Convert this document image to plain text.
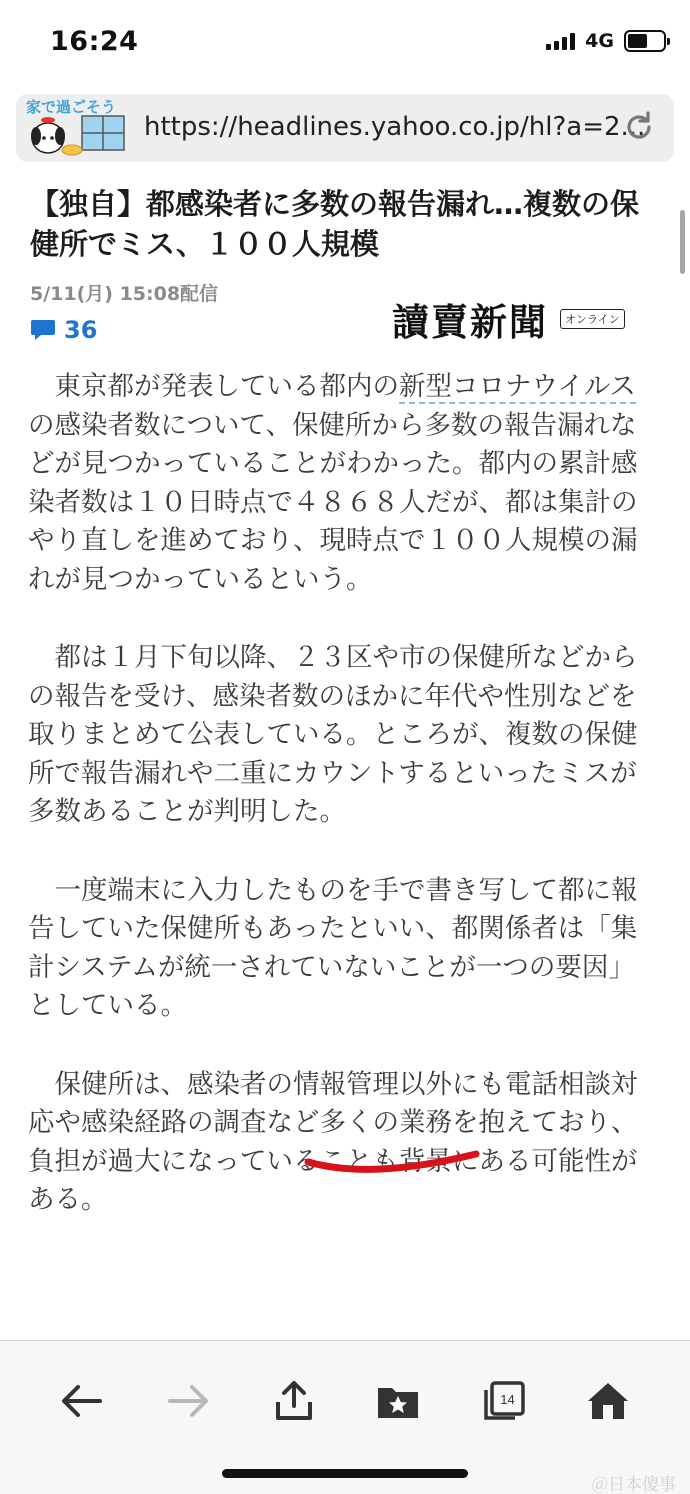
16:24	4G
家で過ごそう
https://headlines.yahoo.co.jp/hl?a=2...
【独自】都感染者に多数の報告漏れ…複数の保健所でミス、１００人規模
5/11(月) 15:08配信
36	讀賣新聞	オンライン

東京都が発表している都内の新型コロナウイルスの感染者数について、保健所から多数の報告漏れなどが見つかっていることがわかった。都内の累計感染者数は１０日時点で４８６８人だが、都は集計のやり直しを進めており、現時点で１００人規模の漏れが見つかっているという。

都は１月下旬以降、２３区や市の保健所などからの報告を受け、感染者数のほかに年代や性別などを取りまとめて公表している。ところが、複数の保健所で報告漏れや二重にカウントするといったミスが多数あることが判明した。

一度端末に入力したものを手で書き写して都に報告していた保健所もあったといい、都関係者は「集計システムが統一されていないことが一つの要因」としている。

保健所は、感染者の情報管理以外にも電話相談対応や感染経路の調査など多くの業務を抱えており、負担が過大になっていることも背景にある可能性がある。

14
＠日本傻事
